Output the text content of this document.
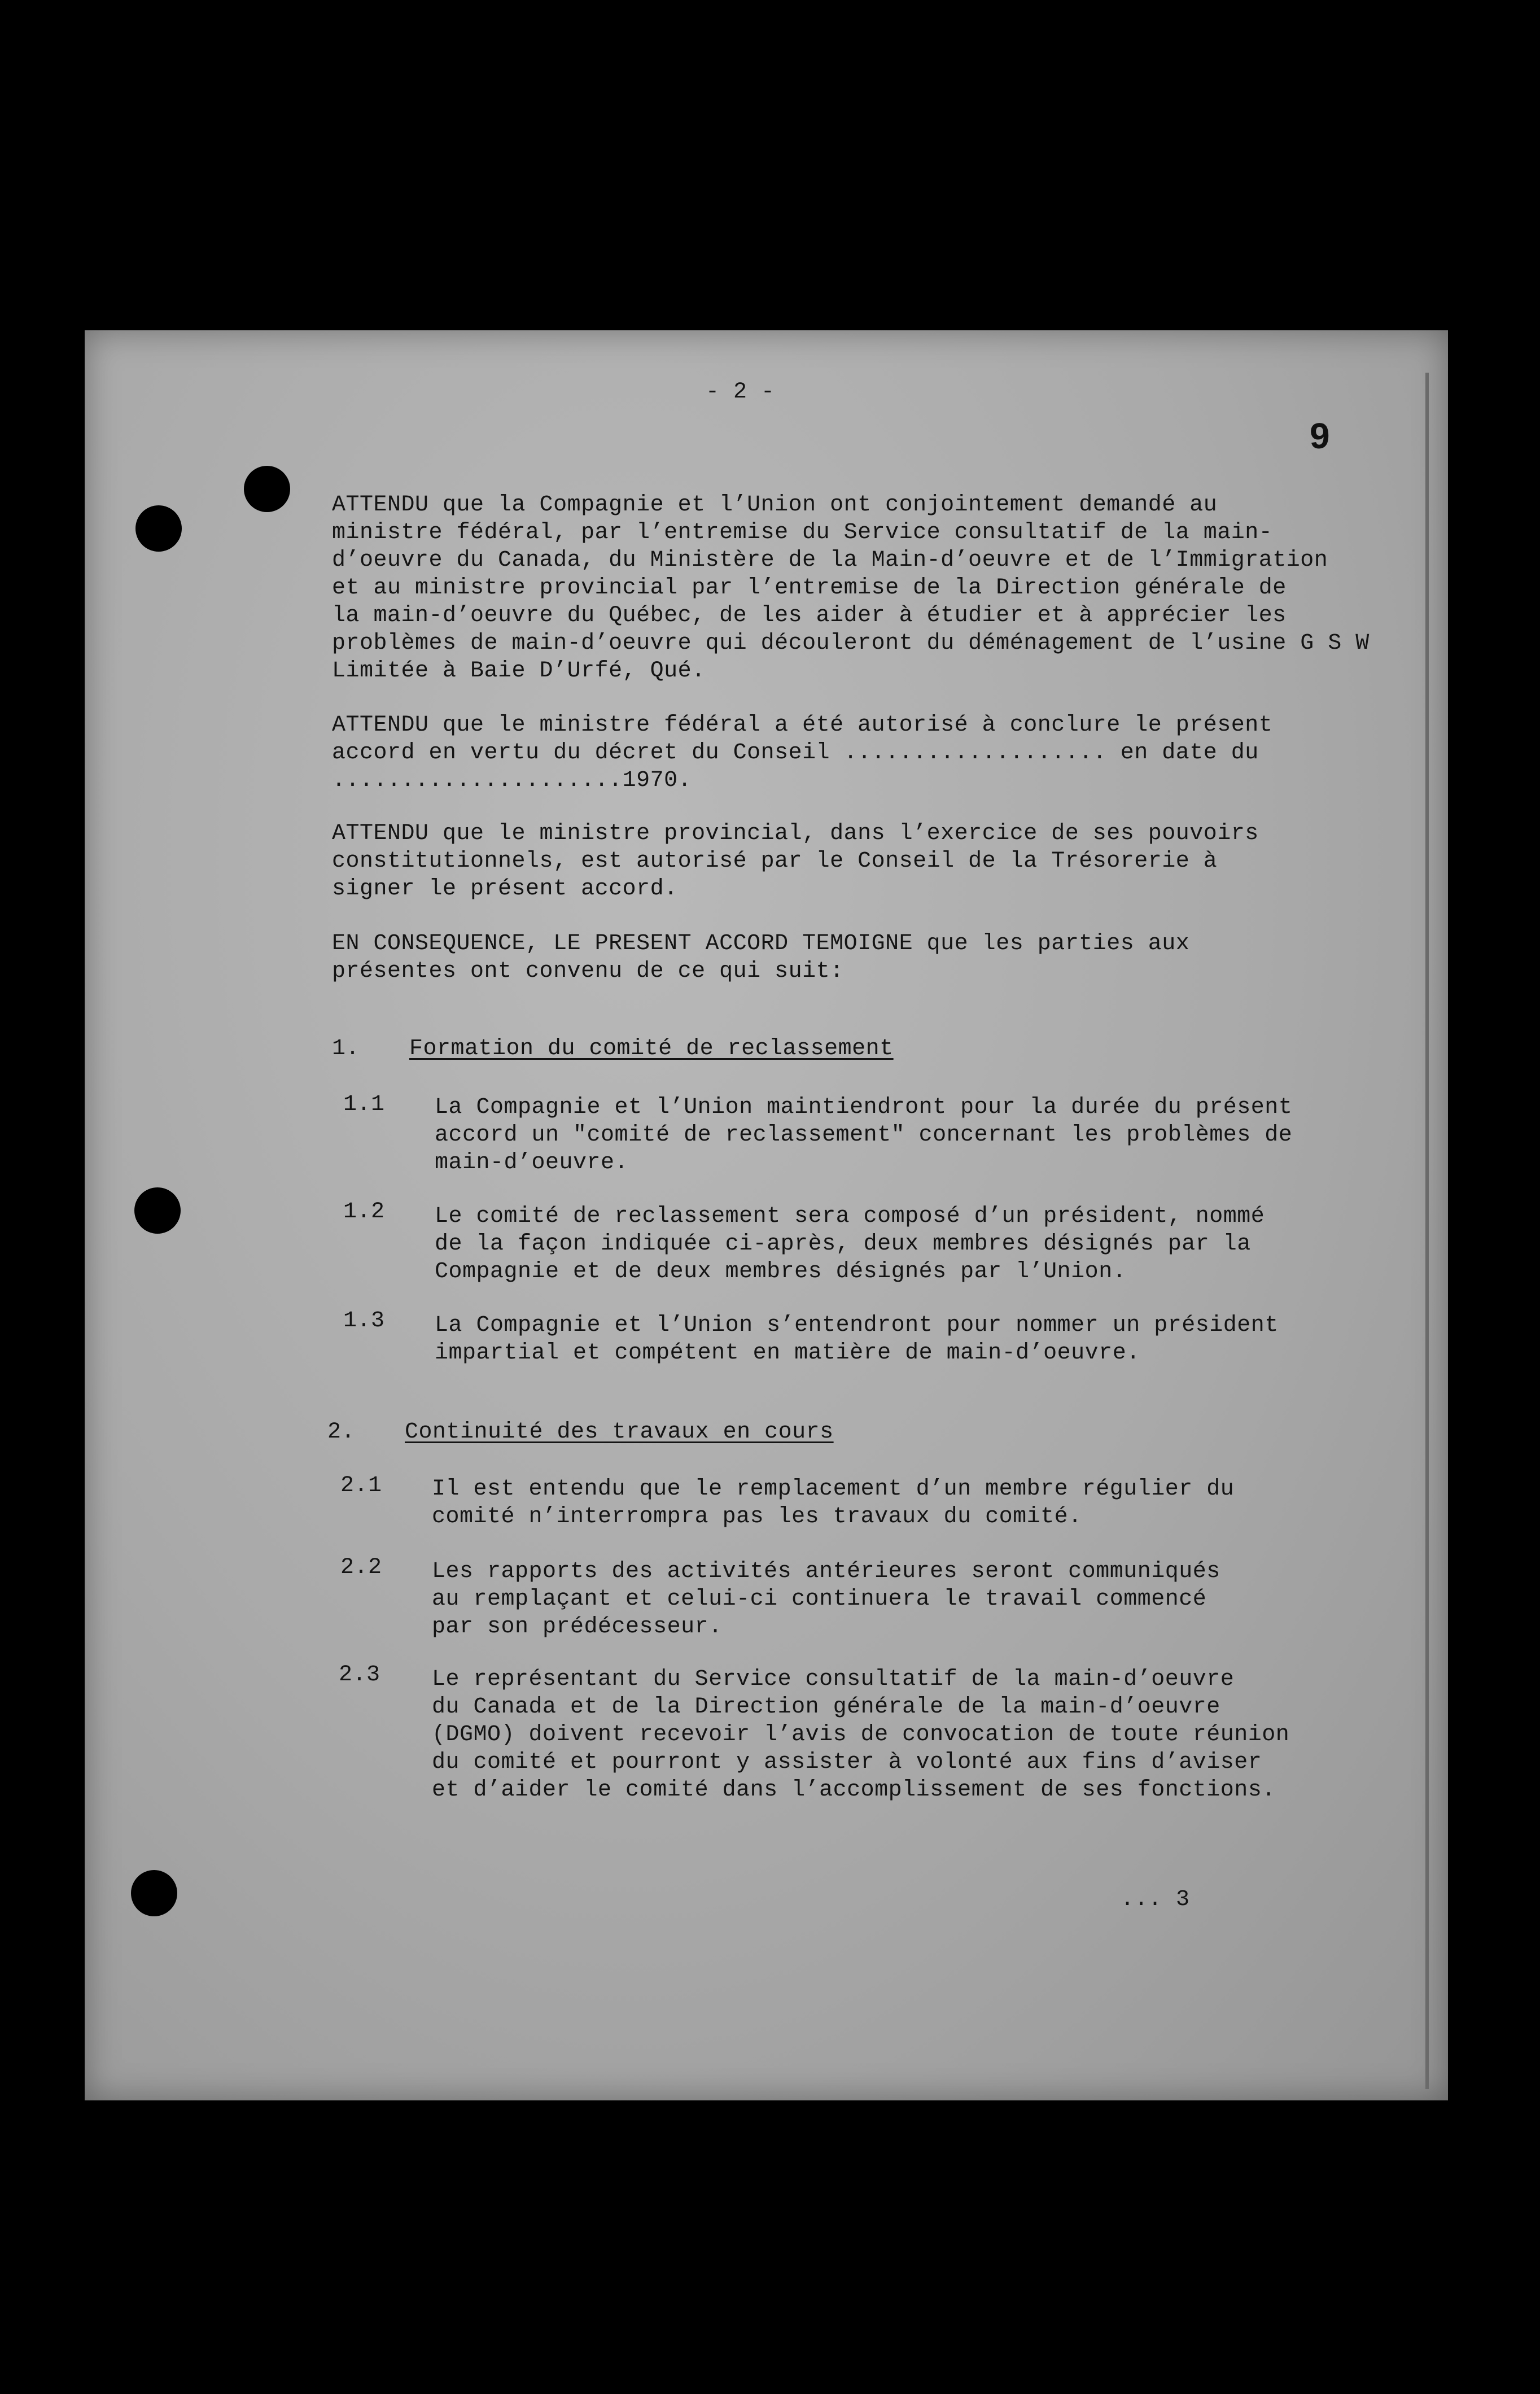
- 2 -
9
ATTENDU que la Compagnie et l’Union ont conjointement demandé au
ministre fédéral, par l’entremise du Service consultatif de la main-
d’oeuvre du Canada, du Ministère de la Main-d’oeuvre et de l’Immigration
et au ministre provincial par l’entremise de la Direction générale de
la main-d’oeuvre du Québec, de les aider à étudier et à apprécier les
problèmes de main-d’oeuvre qui découleront du déménagement de l’usine G S W
Limitée à Baie D’Urfé, Qué.
ATTENDU que le ministre fédéral a été autorisé à conclure le présent
accord en vertu du décret du Conseil ................... en date du
.....................1970.
ATTENDU que le ministre provincial, dans l’exercice de ses pouvoirs
constitutionnels, est autorisé par le Conseil de la Trésorerie à
signer le présent accord.
EN CONSEQUENCE, LE PRESENT ACCORD TEMOIGNE que les parties aux
présentes ont convenu de ce qui suit:
1. Formation du comité de reclassement
1.1 La Compagnie et l’Union maintiendront pour la durée du présent
accord un "comité de reclassement" concernant les problèmes de
main-d’oeuvre.
1.2 Le comité de reclassement sera composé d’un président, nommé
de la façon indiquée ci-après, deux membres désignés par la
Compagnie et de deux membres désignés par l’Union.
1.3 La Compagnie et l’Union s’entendront pour nommer un président
impartial et compétent en matière de main-d’oeuvre.
2. Continuité des travaux en cours
2.1 Il est entendu que le remplacement d’un membre régulier du
comité n’interrompra pas les travaux du comité.
2.2 Les rapports des activités antérieures seront communiqués
au remplaçant et celui-ci continuera le travail commencé
par son prédécesseur.
2.3 Le représentant du Service consultatif de la main-d’oeuvre
du Canada et de la Direction générale de la main-d’oeuvre
(DGMO) doivent recevoir l’avis de convocation de toute réunion
du comité et pourront y assister à volonté aux fins d’aviser
et d’aider le comité dans l’accomplissement de ses fonctions.
... 3
